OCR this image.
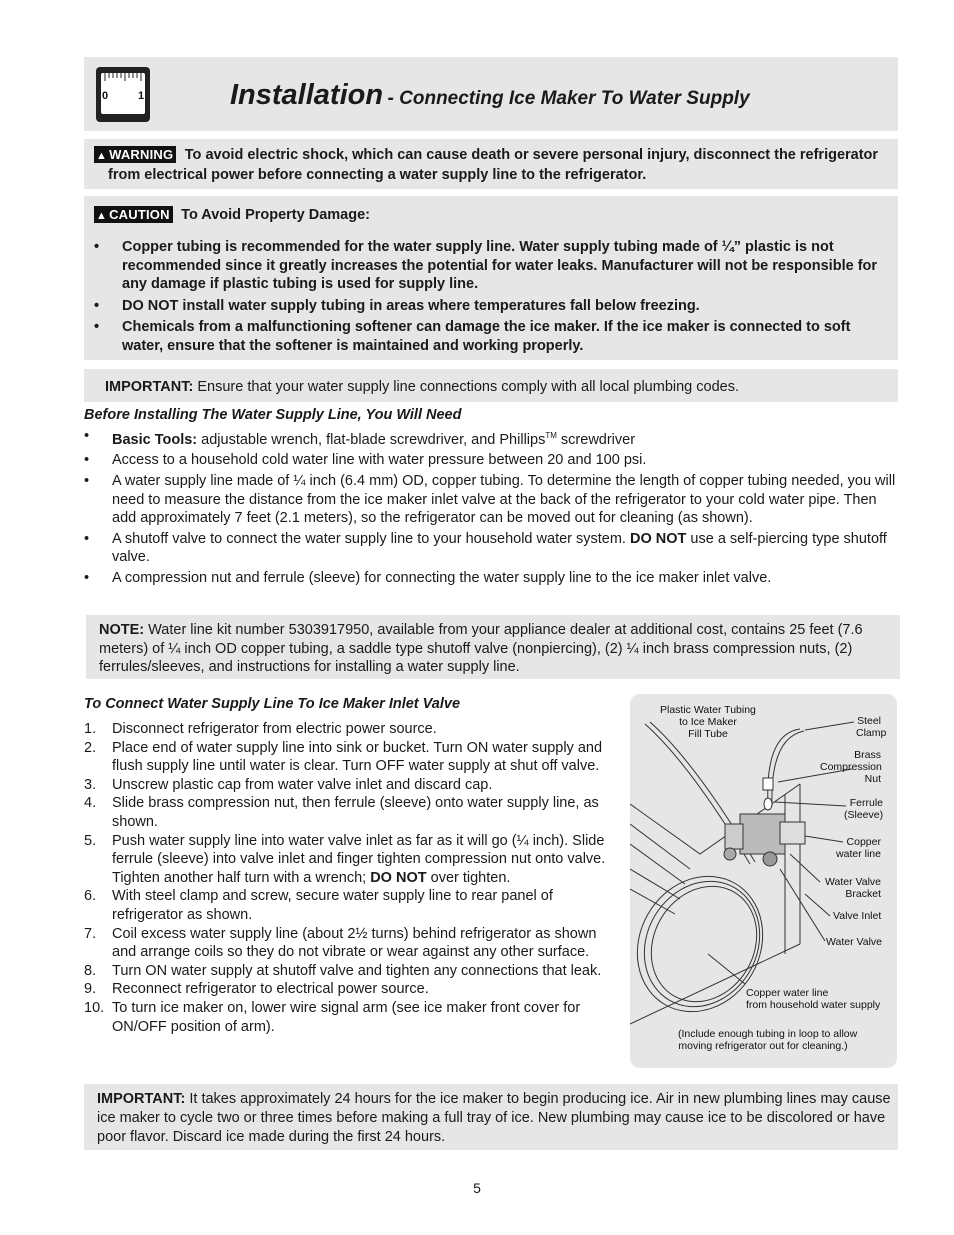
0	1	Installation - Connecting Ice Maker To Water Supply
▲ WARNING To avoid electric shock, which can cause death or severe personal injury, disconnect the refrigerator
from electrical power before connecting a water supply line to the refrigerator.
▲ CAUTION To Avoid Property Damage:
• Copper tubing is recommended for the water supply line. Water supply tubing made of ¼” plastic is not recommended since it greatly increases the potential for water leaks. Manufacturer will not be responsible for any damage if plastic tubing is used for supply line.
• DO NOT install water supply tubing in areas where temperatures fall below freezing.
• Chemicals from a malfunctioning softener can damage the ice maker. If the ice maker is connected to soft water, ensure that the softener is maintained and working properly.
IMPORTANT: Ensure that your water supply line connections comply with all local plumbing codes.
Before Installing The Water Supply Line, You Will Need
• Basic Tools: adjustable wrench, flat-blade screwdriver, and Phillips™ screwdriver
• Access to a household cold water line with water pressure between 20 and 100 psi.
• A water supply line made of ¼ inch (6.4 mm) OD, copper tubing. To determine the length of copper tubing needed, you will need to measure the distance from the ice maker inlet valve at the back of the refrigerator to your cold water pipe. Then add approximately 7 feet (2.1 meters), so the refrigerator can be moved out for cleaning (as shown).
• A shutoff valve to connect the water supply line to your household water system. DO NOT use a self-piercing type shutoff valve.
• A compression nut and ferrule (sleeve) for connecting the water supply line to the ice maker inlet valve.
NOTE: Water line kit number 5303917950, available from your appliance dealer at additional cost, contains 25 feet (7.6 meters) of ¼ inch OD copper tubing, a saddle type shutoff valve (nonpiercing), (2) ¼ inch brass compression nuts, (2) ferrules/sleeves, and instructions for installing a water supply line.
To Connect Water Supply Line To Ice Maker Inlet Valve
1. Disconnect refrigerator from electric power source.
2. Place end of water supply line into sink or bucket. Turn ON water supply and flush supply line until water is clear. Turn OFF water supply at shut off valve.
3. Unscrew plastic cap from water valve inlet and discard cap.
4. Slide brass compression nut, then ferrule (sleeve) onto water supply line, as shown.
5. Push water supply line into water valve inlet as far as it will go (¼ inch). Slide ferrule (sleeve) into valve inlet and finger tighten compression nut onto valve. Tighten another half turn with a wrench; DO NOT over tighten.
6. With steel clamp and screw, secure water supply line to rear panel of refrigerator as shown.
7. Coil excess water supply line (about 2½ turns) behind refrigerator as shown and arrange coils so they do not vibrate or wear against any other surface.
8. Turn ON water supply at shutoff valve and tighten any connections that leak.
9. Reconnect refrigerator to electrical power source.
10. To turn ice maker on, lower wire signal arm (see ice maker front cover for ON/OFF position of arm).
Plastic Water Tubing
to Ice Maker
Fill Tube
Steel
Clamp
Brass
Compression
Nut
Ferrule
(Sleeve)
Copper
water line
Water Valve
Bracket
Valve Inlet
Water Valve
Copper water line
from household water supply
(Include enough tubing in loop to allow
moving refrigerator out for cleaning.)
IMPORTANT: It takes approximately 24 hours for the ice maker to begin producing ice. Air in new plumbing lines may cause ice maker to cycle two or three times before making a full tray of ice. New plumbing may cause ice to be discolored or have poor flavor. Discard ice made during the first 24 hours.
5
